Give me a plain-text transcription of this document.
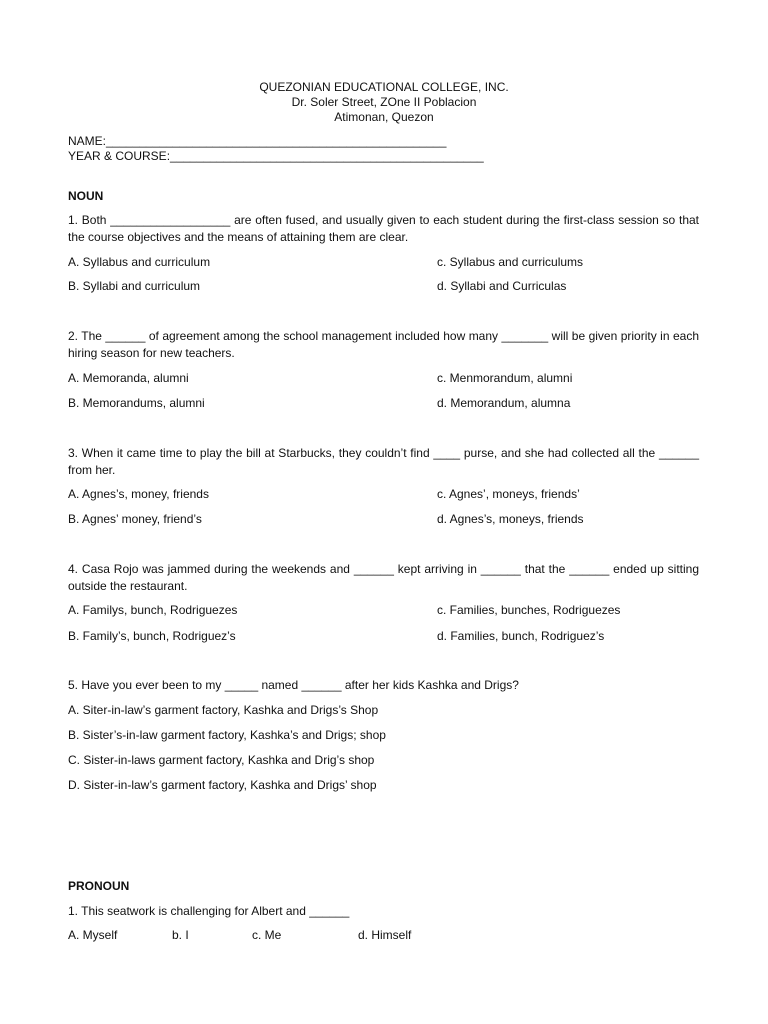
QUEZONIAN EDUCATIONAL COLLEGE, INC.
Dr. Soler Street, ZOne II Poblacion
Atimonan, Quezon
NAME:___________________________________________________
YEAR & COURSE:_______________________________________________
NOUN
1. Both __________________ are often fused, and usually given to each student during the first-class session so that the course objectives and the means of attaining them are clear.
A. Syllabus and curriculum	c. Syllabus and curriculums
B. Syllabi and curriculum	d. Syllabi and Curriculas
2. The ______ of agreement among the school management included how many _______ will be given priority in each hiring season for new teachers.
A. Memoranda, alumni	c. Menmorandum, alumni
B. Memorandums, alumni	d. Memorandum, alumna
3. When it came time to play the bill at Starbucks, they couldn’t find ____ purse, and she had collected all the ______ from her.
A. Agnes’s, money, friends	c. Agnes’, moneys, friends’
B. Agnes’ money, friend’s	d. Agnes’s, moneys, friends
4. Casa Rojo was jammed during the weekends and ______ kept arriving in ______ that the ______ ended up sitting outside the restaurant.
A. Familys, bunch, Rodriguezes	c. Families, bunches, Rodriguezes
B. Family’s, bunch, Rodriguez’s	d. Families, bunch, Rodriguez’s
5. Have you ever been to my _____ named ______ after her kids Kashka and Drigs?
A. Siter-in-law’s garment factory, Kashka and Drigs’s Shop
B. Sister’s-in-law garment factory, Kashka’s and Drigs; shop
C. Sister-in-laws garment factory, Kashka and Drig’s shop
D. Sister-in-law’s garment factory, Kashka and Drigs’ shop
PRONOUN
1. This seatwork is challenging for Albert and ______
A. Myself	b. I	c. Me	d. Himself
